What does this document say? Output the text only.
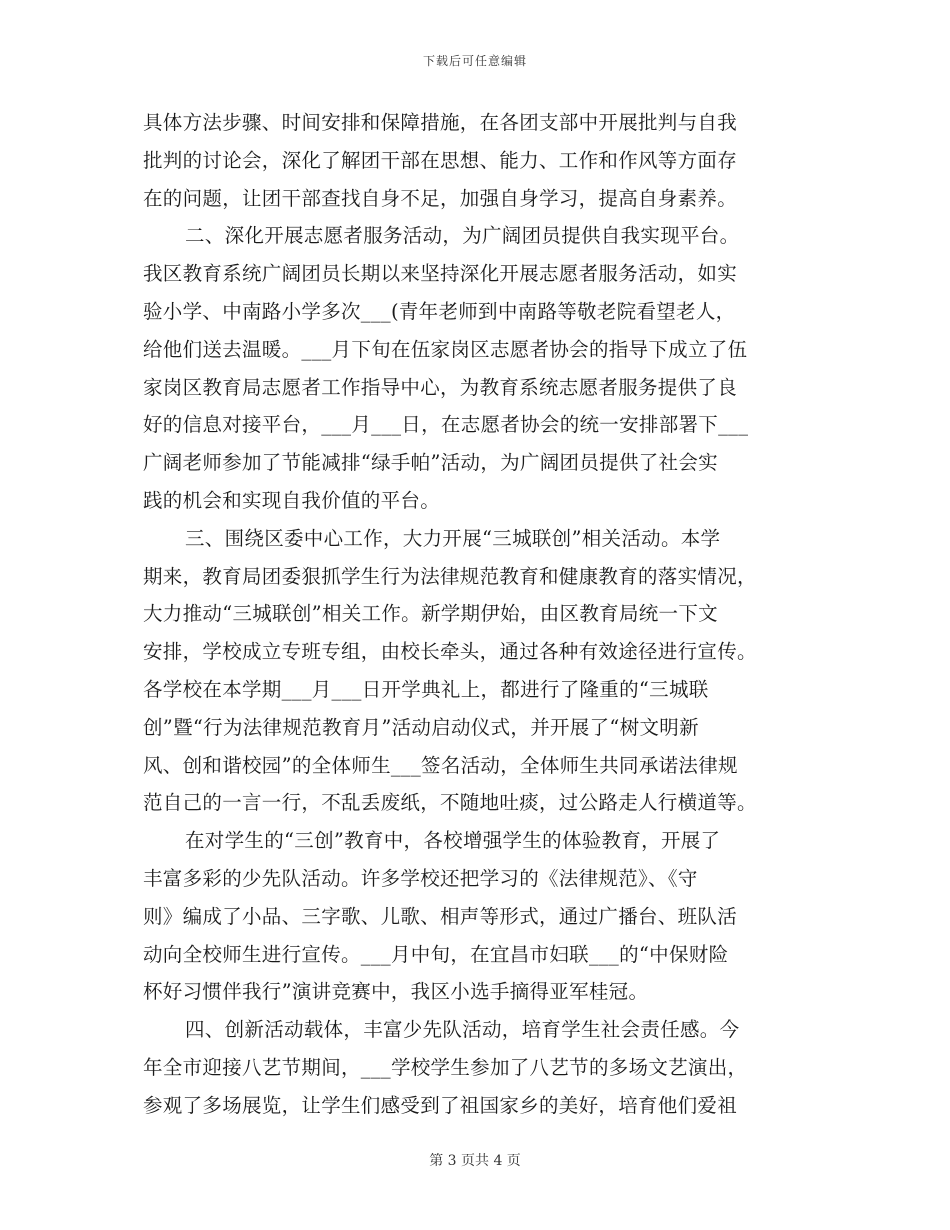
下载后可任意编辑
具体方法步骤、时间安排和保障措施，在各团支部中开展批判与自我
批判的讨论会，深化了解团干部在思想、能力、工作和作风等方面存
在的问题，让团干部查找自身不足，加强自身学习，提高自身素养。
二、深化开展志愿者服务活动，为广阔团员提供自我实现平台。
我区教育系统广阔团员长期以来坚持深化开展志愿者服务活动，如实
验小学、中南路小学多次___(青年老师到中南路等敬老院看望老人，
给他们送去温暖。___月下旬在伍家岗区志愿者协会的指导下成立了伍
家岗区教育局志愿者工作指导中心，为教育系统志愿者服务提供了良
好的信息对接平台，___月___日，在志愿者协会的统一安排部署下___
广阔老师参加了节能减排“绿手帕”活动，为广阔团员提供了社会实
践的机会和实现自我价值的平台。
三、围绕区委中心工作，大力开展“三城联创”相关活动。本学
期来，教育局团委狠抓学生行为法律规范教育和健康教育的落实情况，
大力推动“三城联创”相关工作。新学期伊始，由区教育局统一下文
安排，学校成立专班专组，由校长牵头，通过各种有效途径进行宣传。
各学校在本学期___月___日开学典礼上，都进行了隆重的“三城联
创”暨“行为法律规范教育月”活动启动仪式，并开展了“树文明新
风、创和谐校园”的全体师生___签名活动，全体师生共同承诺法律规
范自己的一言一行，不乱丢废纸，不随地吐痰，过公路走人行横道等。
在对学生的“三创”教育中，各校增强学生的体验教育，开展了
丰富多彩的少先队活动。许多学校还把学习的《法律规范》、《守
则》编成了小品、三字歌、儿歌、相声等形式，通过广播台、班队活
动向全校师生进行宣传。___月中旬，在宜昌市妇联___的“中保财险
杯好习惯伴我行”演讲竞赛中，我区小选手摘得亚军桂冠。
四、创新活动载体，丰富少先队活动，培育学生社会责任感。今
年全市迎接八艺节期间，___学校学生参加了八艺节的多场文艺演出，
参观了多场展览，让学生们感受到了祖国家乡的美好，培育他们爱祖
第 3 页共 4 页
